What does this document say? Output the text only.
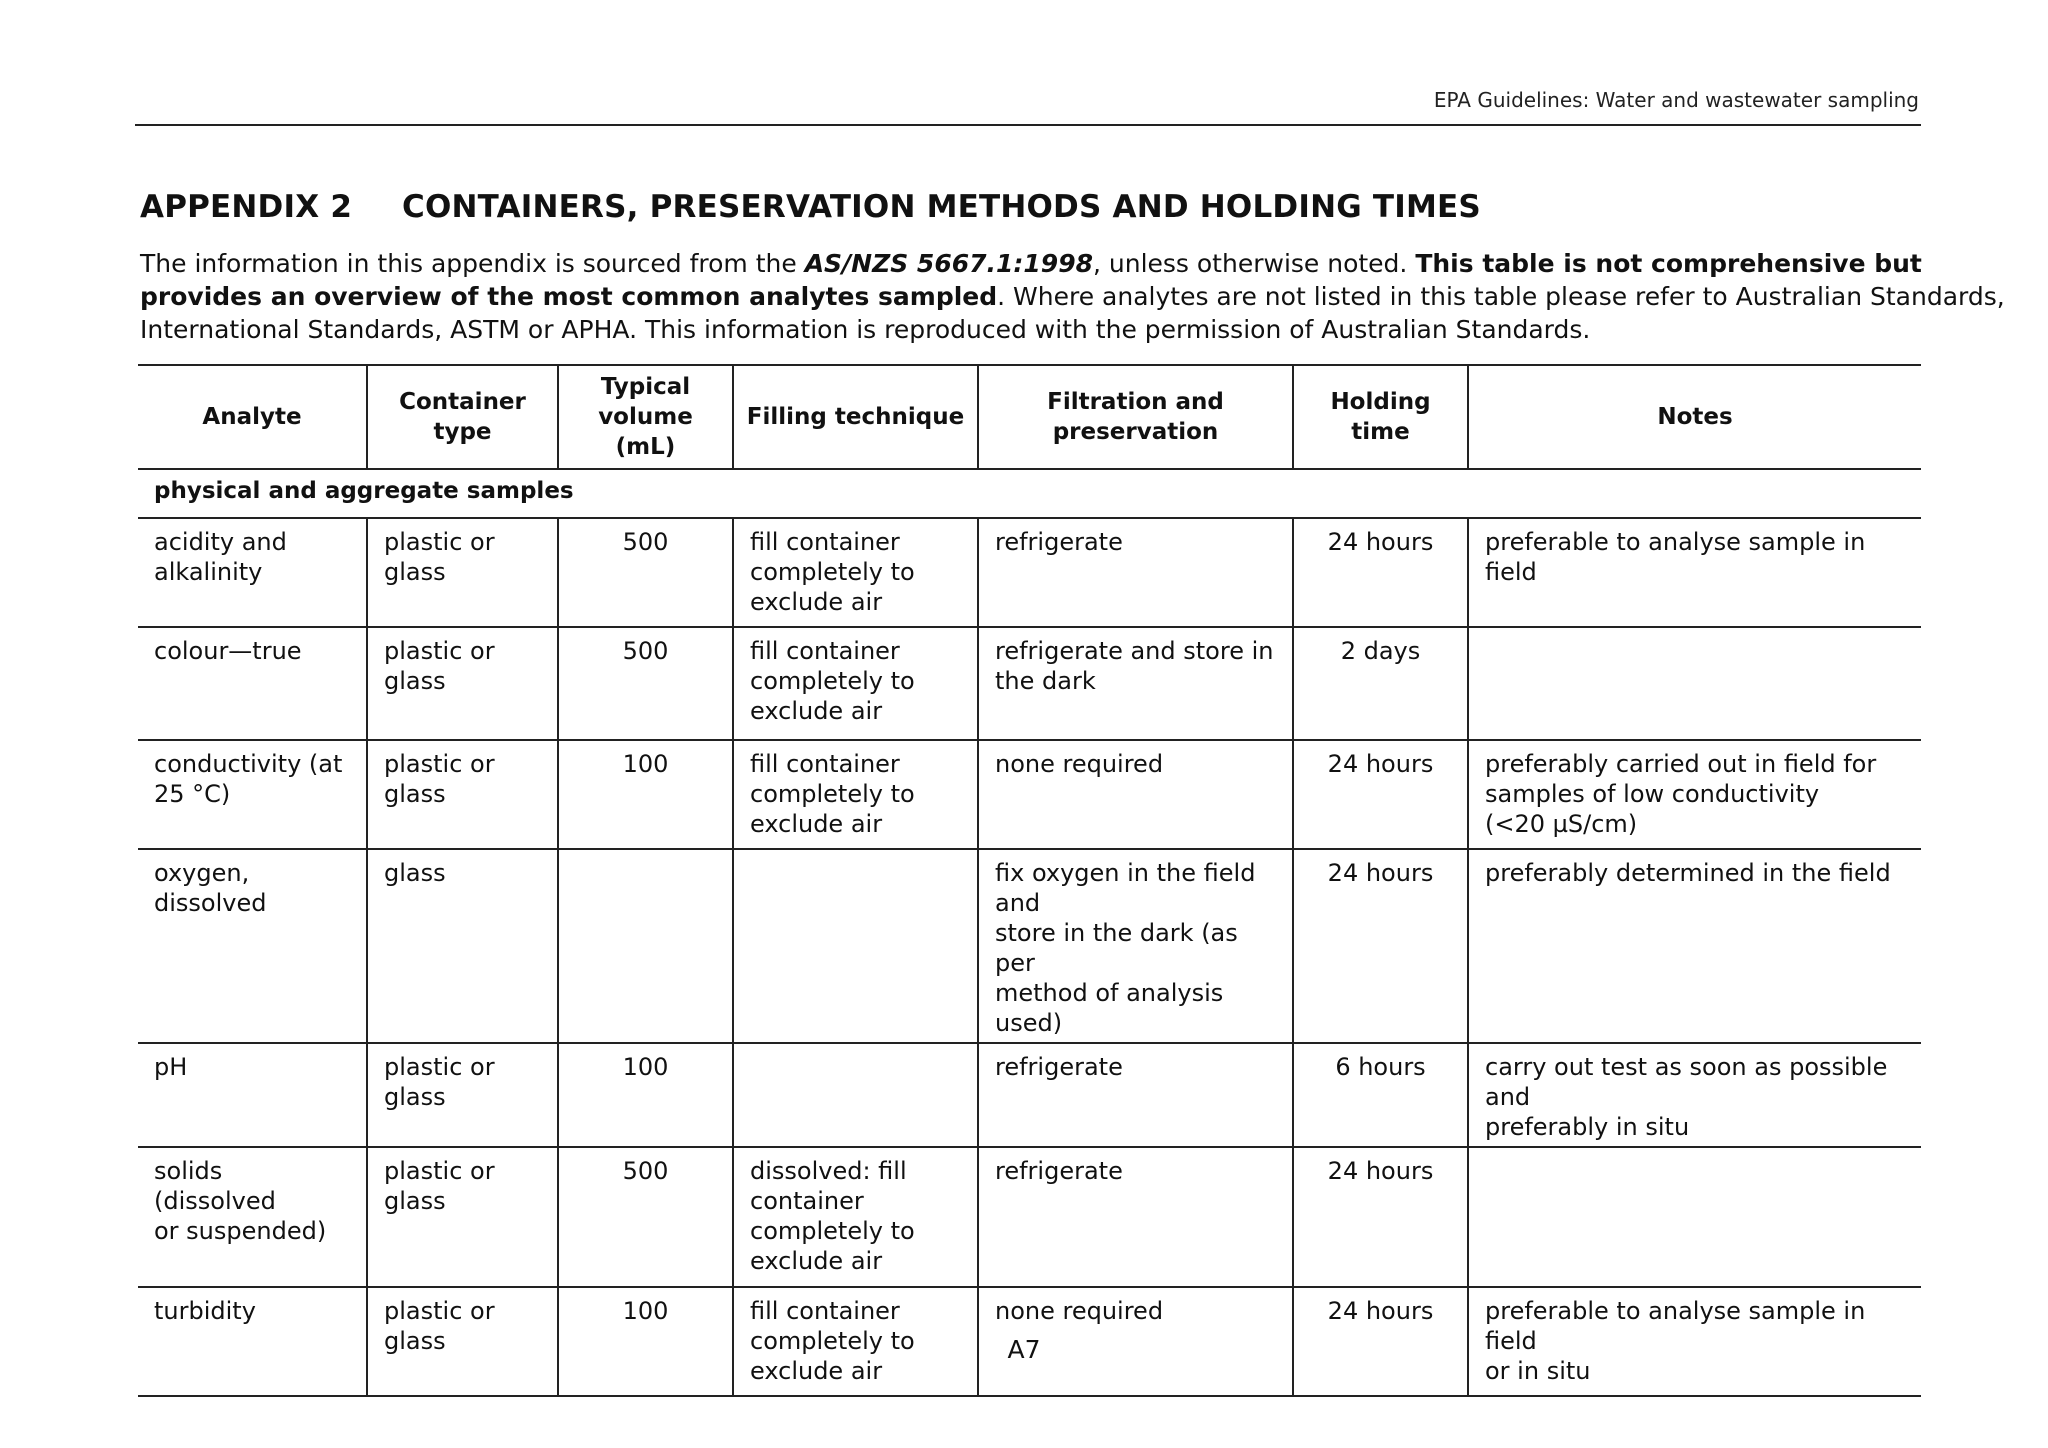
EPA Guidelines: Water and wastewater sampling
APPENDIX 2 CONTAINERS, PRESERVATION METHODS AND HOLDING TIMES
The information in this appendix is sourced from the AS/NZS 5667.1:1998, unless otherwise noted. This table is not comprehensive but
provides an overview of the most common analytes sampled. Where analytes are not listed in this table please refer to Australian Standards,
International Standards, ASTM or APHA. This information is reproduced with the permission of Australian Standards.
Analyte	Container type	Typical
volume (mL)	Filling technique	Filtration and
preservation	Holding time	Notes
physical and aggregate samples						
acidity and
alkalinity	plastic or
glass	500	fill container
completely to
exclude air	refrigerate	24 hours	preferable to analyse sample in field
colour—true	plastic or
glass	500	fill container
completely to
exclude air	refrigerate and store in
the dark	2 days	
conductivity (at
25 °C)	plastic or
glass	100	fill container
completely to
exclude air	none required	24 hours	preferably carried out in field for
samples of low conductivity
(<20 µS/cm)
oxygen, dissolved	glass			fix oxygen in the field and
store in the dark (as per
method of analysis used)	24 hours	preferably determined in the field
pH	plastic or
glass	100		refrigerate	6 hours	carry out test as soon as possible and
preferably in situ
solids (dissolved
or suspended)	plastic or
glass	500	dissolved: fill
container
completely to
exclude air	refrigerate	24 hours	
turbidity	plastic or
glass	100	fill container
completely to
exclude air	none required	24 hours	preferable to analyse sample in field
or in situ
A7
